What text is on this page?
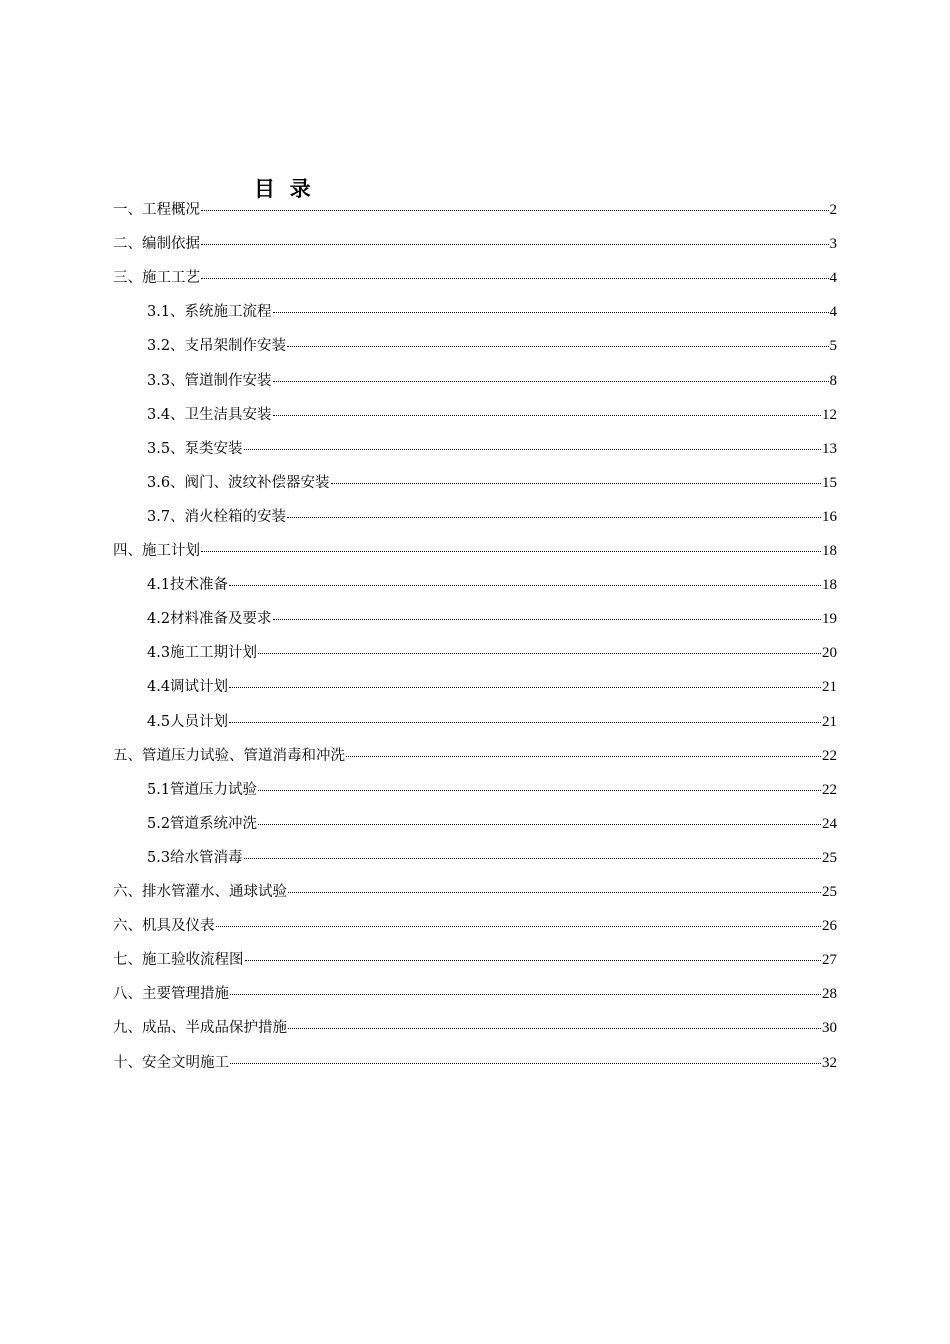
目  录
一、工程概况	2
二、编制依据	3
三、施工工艺	4
3.1、系统施工流程	4
3.2、支吊架制作安装	5
3.3、管道制作安装	8
3.4、卫生洁具安装	12
3.5、泵类安装	13
3.6、阀门、波纹补偿器安装	15
3.7、消火栓箱的安装	16
四、施工计划	18
4.1技术准备	18
4.2材料准备及要求	19
4.3施工工期计划	20
4.4调试计划	21
4.5人员计划	21
五、管道压力试验、管道消毒和冲洗	22
5.1管道压力试验	22
5.2管道系统冲洗	24
5.3给水管消毒	25
六、排水管灌水、通球试验	25
六、机具及仪表	26
七、施工验收流程图	27
八、主要管理措施	28
九、成品、半成品保护措施	30
十、安全文明施工	32
